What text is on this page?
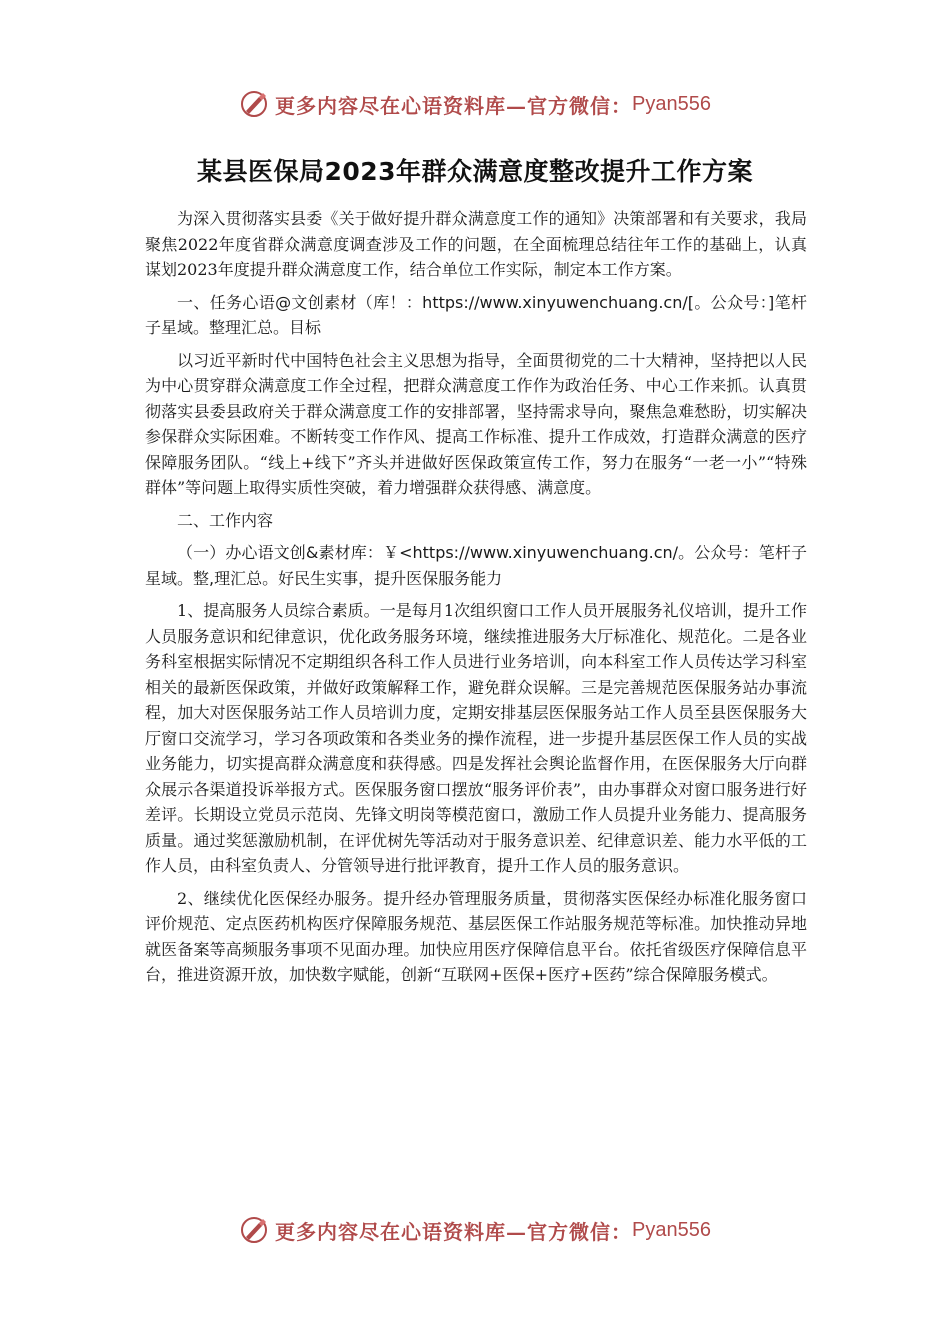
更多内容尽在心语资料库—官方微信： Pyan556
某县医保局2023年群众满意度整改提升工作方案

为深入贯彻落实县委《关于做好提升群众满意度工作的通知》决策部署和有关要求，我局聚焦2022年度省群众满意度调查涉及工作的问题，在全面梳理总结往年工作的基础上，认真谋划2023年度提升群众满意度工作，结合单位工作实际，制定本工作方案。

一、任务心语@文创素材（库！：https://www.xinyuwenchuang.cn/[。公众号：]笔杆子星域。整理汇总。目标

以习近平新时代中国特色社会主义思想为指导，全面贯彻党的二十大精神，坚持把以人民为中心贯穿群众满意度工作全过程，把群众满意度工作作为政治任务、中心工作来抓。认真贯彻落实县委县政府关于群众满意度工作的安排部署，坚持需求导向，聚焦急难愁盼，切实解决参保群众实际困难。不断转变工作作风、提高工作标准、提升工作成效，打造群众满意的医疗保障服务团队。“线上+线下”齐头并进做好医保政策宣传工作，努力在服务“一老一小”“特殊群体”等问题上取得实质性突破，着力增强群众获得感、满意度。

二、工作内容

（一）办心语文创&素材库：￥<https://www.xinyuwenchuang.cn/。公众号：笔杆子星域。整,理汇总。好民生实事，提升医保服务能力

1、提高服务人员综合素质。一是每月1次组织窗口工作人员开展服务礼仪培训，提升工作人员服务意识和纪律意识，优化政务服务环境，继续推进服务大厅标准化、规范化。二是各业务科室根据实际情况不定期组织各科工作人员进行业务培训，向本科室工作人员传达学习科室相关的最新医保政策，并做好政策解释工作，避免群众误解。三是完善规范医保服务站办事流程，加大对医保服务站工作人员培训力度，定期安排基层医保服务站工作人员至县医保服务大厅窗口交流学习，学习各项政策和各类业务的操作流程，进一步提升基层医保工作人员的实战业务能力，切实提高群众满意度和获得感。四是发挥社会舆论监督作用，在医保服务大厅向群众展示各渠道投诉举报方式。医保服务窗口摆放“服务评价表”，由办事群众对窗口服务进行好差评。长期设立党员示范岗、先锋文明岗等模范窗口，激励工作人员提升业务能力、提高服务质量。通过奖惩激励机制，在评优树先等活动对于服务意识差、纪律意识差、能力水平低的工作人员，由科室负责人、分管领导进行批评教育，提升工作人员的服务意识。

2、继续优化医保经办服务。提升经办管理服务质量，贯彻落实医保经办标准化服务窗口评价规范、定点医药机构医疗保障服务规范、基层医保工作站服务规范等标准。加快推动异地就医备案等高频服务事项不见面办理。加快应用医疗保障信息平台。依托省级医疗保障信息平台，推进资源开放，加快数字赋能，创新“互联网+医保+医疗+医药”综合保障服务模式。

更多内容尽在心语资料库—官方微信： Pyan556
